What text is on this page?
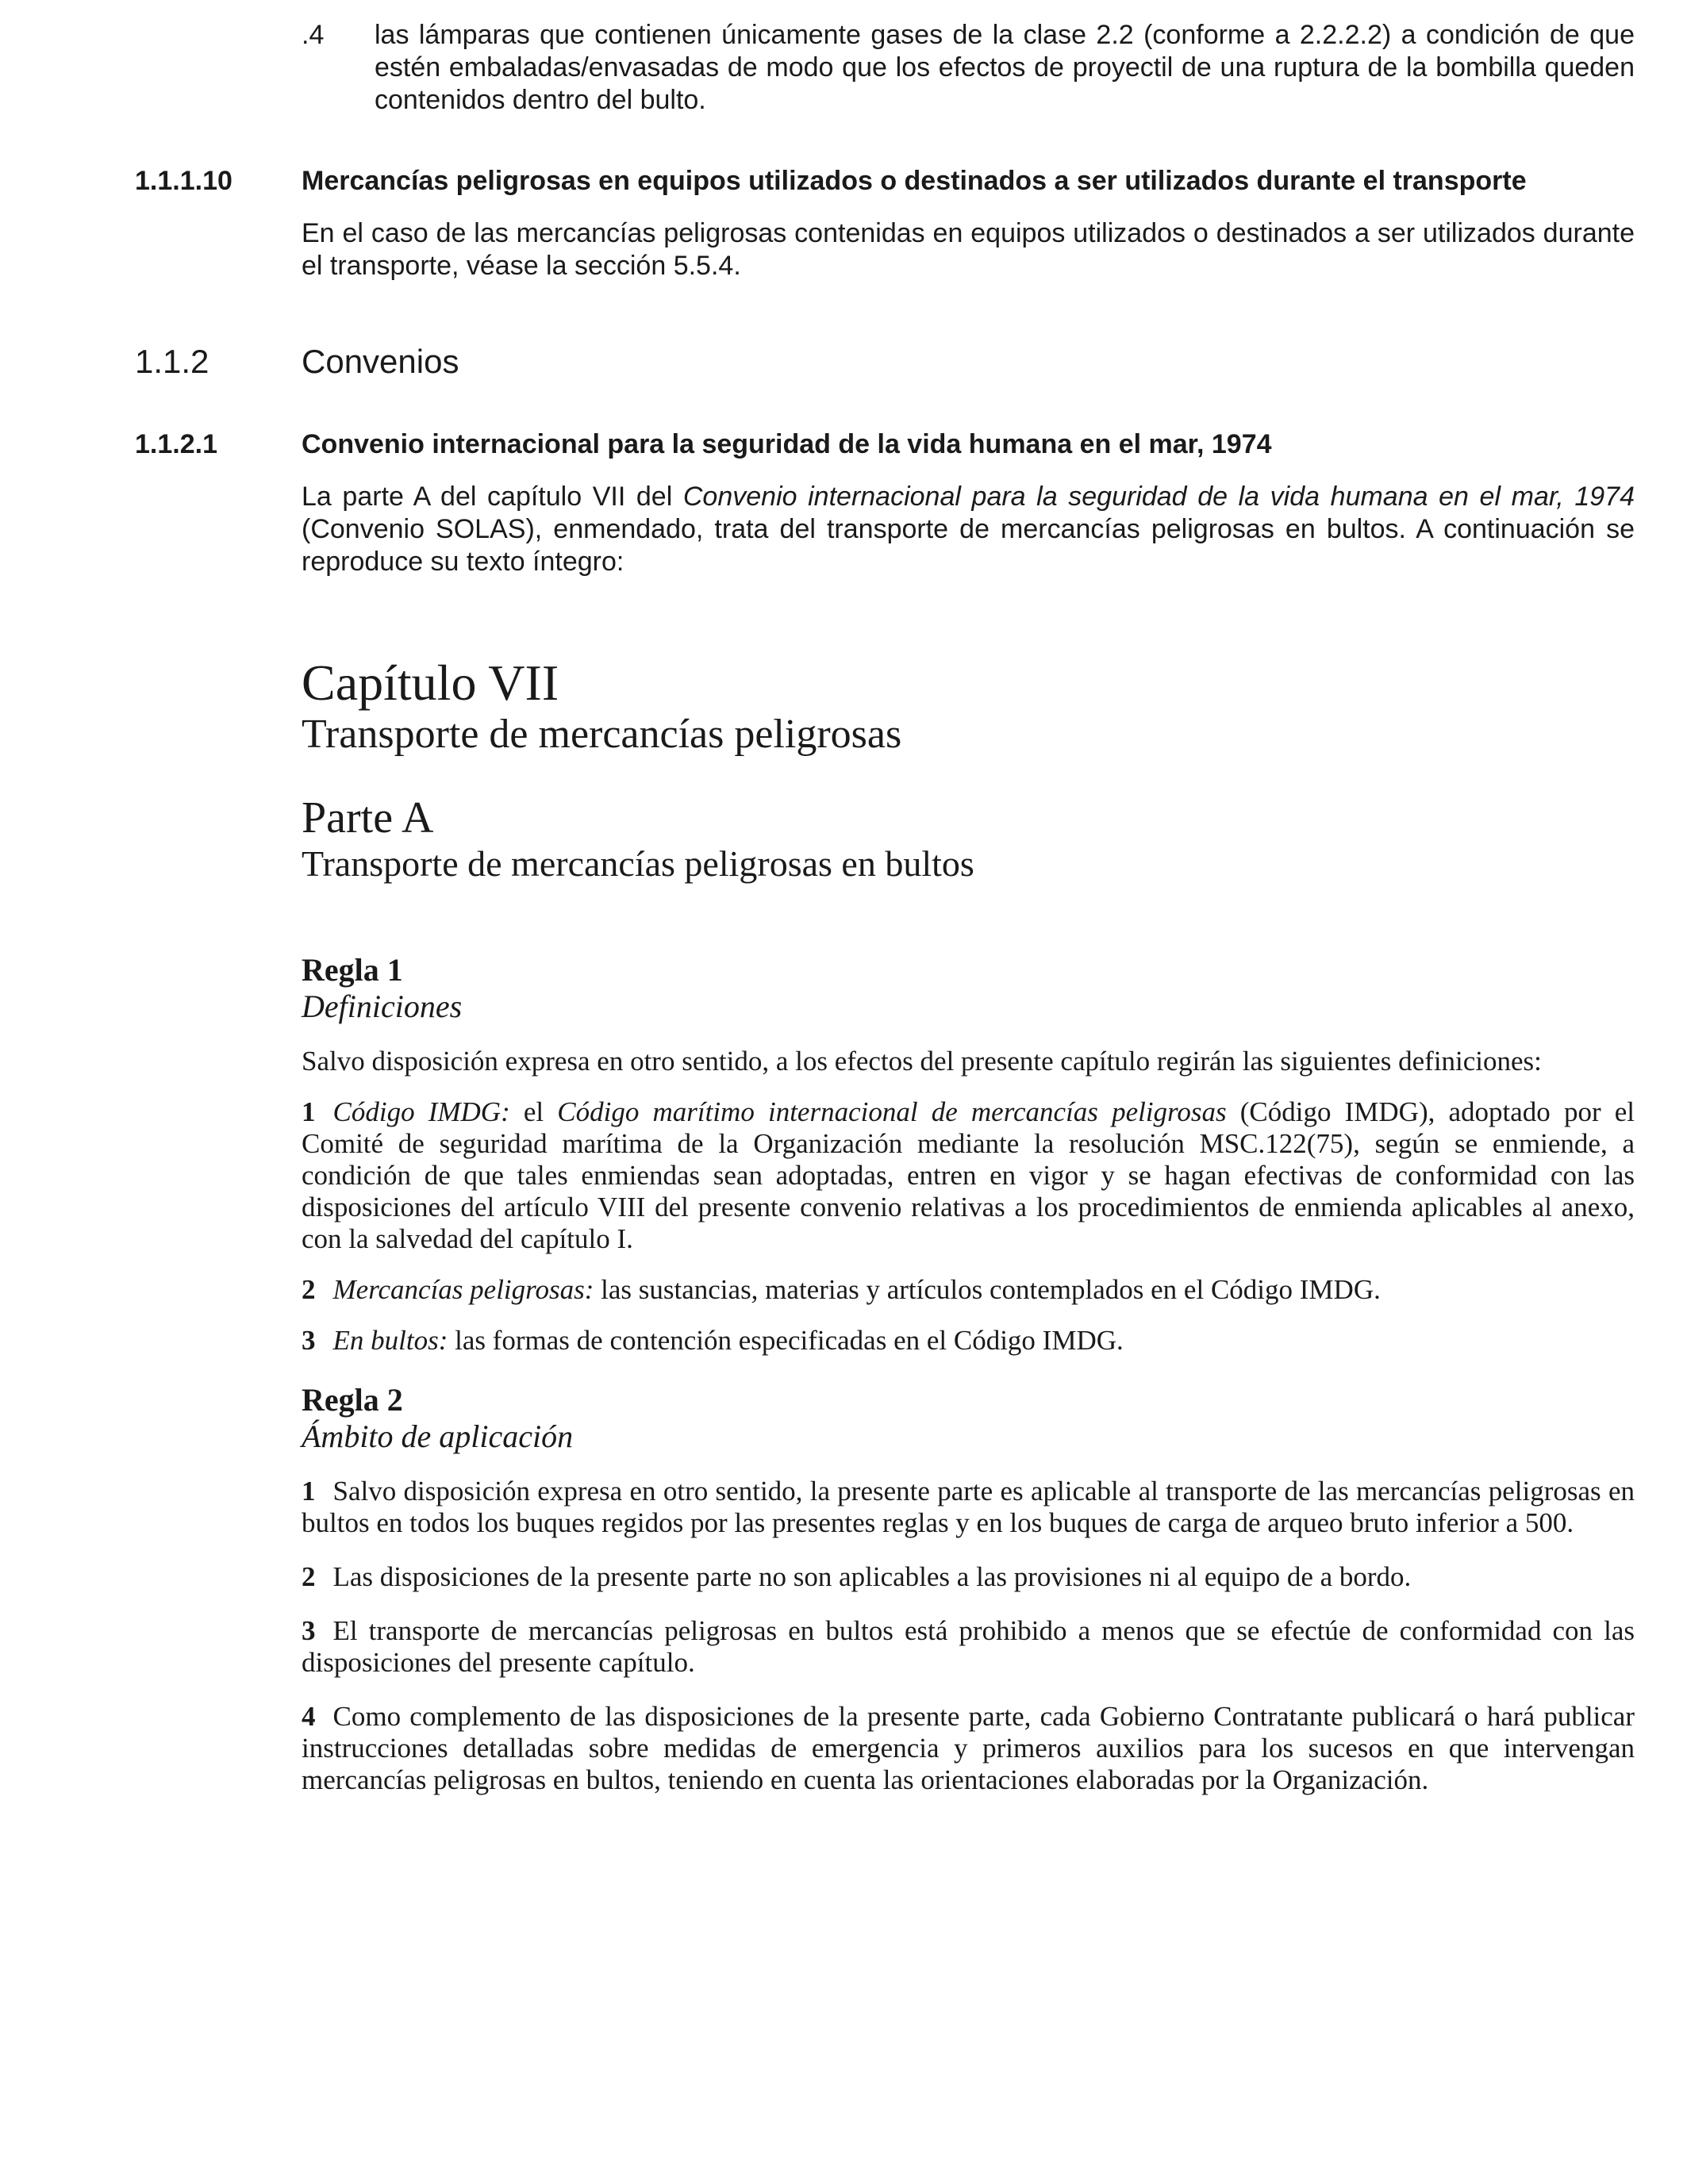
.4 las lámparas que contienen únicamente gases de la clase 2.2 (conforme a 2.2.2.2) a condición de que estén embaladas/envasadas de modo que los efectos de proyectil de una ruptura de la bombilla queden contenidos dentro del bulto.

1.1.1.10	Mercancías peligrosas en equipos utilizados o destinados a ser utilizados durante el transporte

En el caso de las mercancías peligrosas contenidas en equipos utilizados o destinados a ser utilizados durante el transporte, véase la sección 5.5.4.

1.1.2	Convenios
1.1.2.1	Convenio internacional para la seguridad de la vida humana en el mar, 1974

La parte A del capítulo VII del Convenio internacional para la seguridad de la vida humana en el mar, 1974 (Convenio SOLAS), enmendado, trata del transporte de mercancías peligrosas en bultos. A continuación se reproduce su texto íntegro:

Capítulo VII
Transporte de mercancías peligrosas
Parte A
Transporte de mercancías peligrosas en bultos
Regla 1
Definiciones

Salvo disposición expresa en otro sentido, a los efectos del presente capítulo regirán las siguientes definiciones:

1 Código IMDG: el Código marítimo internacional de mercancías peligrosas (Código IMDG), adoptado por el Comité de seguridad marítima de la Organización mediante la resolución MSC.122(75), según se enmiende, a condición de que tales enmiendas sean adoptadas, entren en vigor y se hagan efectivas de conformidad con las disposiciones del artículo VIII del presente convenio relativas a los procedimientos de enmienda aplicables al anexo, con la salvedad del capítulo I.

2 Mercancías peligrosas: las sustancias, materias y artículos contemplados en el Código IMDG.

3 En bultos: las formas de contención especificadas en el Código IMDG.

Regla 2
Ámbito de aplicación

1 Salvo disposición expresa en otro sentido, la presente parte es aplicable al transporte de las mercancías peligrosas en bultos en todos los buques regidos por las presentes reglas y en los buques de carga de arqueo bruto inferior a 500.

2 Las disposiciones de la presente parte no son aplicables a las provisiones ni al equipo de a bordo.

3 El transporte de mercancías peligrosas en bultos está prohibido a menos que se efectúe de conformidad con las disposiciones del presente capítulo.

4 Como complemento de las disposiciones de la presente parte, cada Gobierno Contratante publicará o hará publicar instrucciones detalladas sobre medidas de emergencia y primeros auxilios para los sucesos en que intervengan mercancías peligrosas en bultos, teniendo en cuenta las orientaciones elaboradas por la Organización.
